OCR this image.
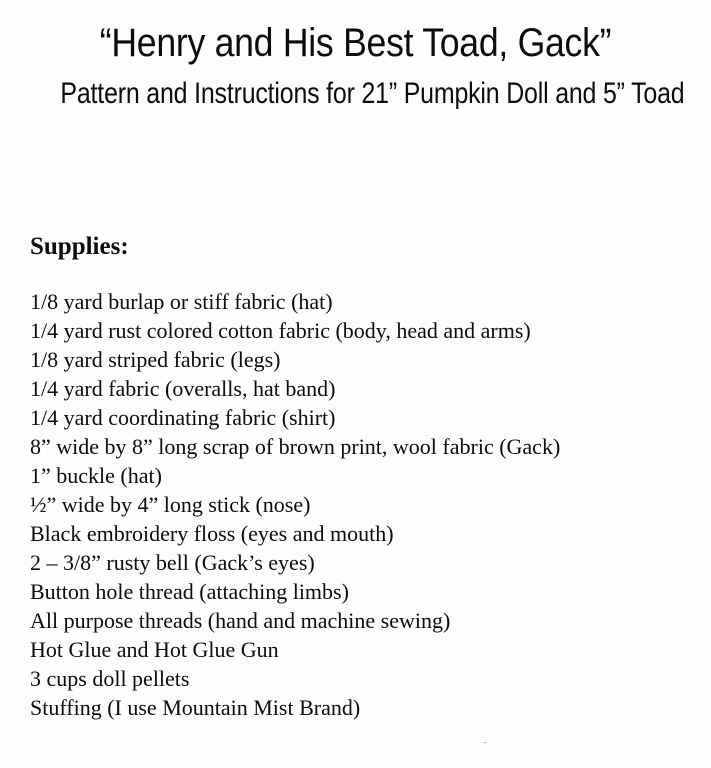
“Henry and His Best Toad, Gack”
Pattern and Instructions for 21” Pumpkin Doll and 5” Toad
Supplies:
1/8 yard burlap or stiff fabric (hat)
1/4 yard rust colored cotton fabric (body, head and arms)
1/8 yard striped fabric (legs)
1/4 yard fabric (overalls, hat band)
1/4 yard coordinating fabric (shirt)
8” wide by 8” long scrap of brown print, wool fabric (Gack)
1” buckle (hat)
½” wide by 4” long stick (nose)
Black embroidery floss (eyes and mouth)
2 – 3/8” rusty bell (Gack’s eyes)
Button hole thread (attaching limbs)
All purpose threads (hand and machine sewing)
Hot Glue and Hot Glue Gun
3 cups doll pellets
Stuffing (I use Mountain Mist Brand)
